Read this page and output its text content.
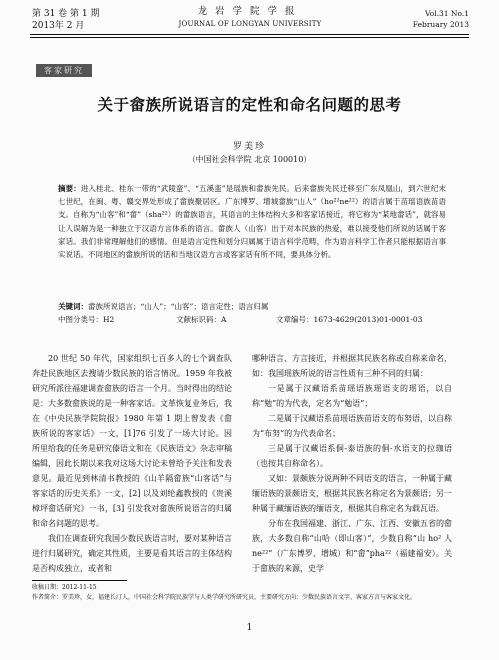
第 31 卷 第 1 期
2013年 2 月
龙岩学院学报
JOURNAL OF LONGYAN UNIVERSITY
Vol.31 No.1
February 2013
客家研究
关于畲族所说语言的定性和命名问题的思考
罗美珍
（中国社会科学院 北京 100010）
摘要：进入桂北、桂东一带的“武陵蛮”、“五溪蛮”是瑶族和畲族先民。后来畲族先民迁移至广东凤凰山，到六世纪末七世纪，在闽、粤、赣交界处形成了畲族聚居区。广东博罗、增城畲族“山人”（ho²²ne²²）的语言属于苗瑶语族苗语支。自称为“山客”和“畲”（sha²²）的畲族语言，其语言的主体结构大多和客家话接近，将它称为“某地畲话”，就容易让人误解为是一种独立于汉语方言体系的语言。畲族人（山客）出于对本民族的热爱，难以接受他们所说的话属于客家话。我们非常理解他们的感情。但是语言定性和划分归属属于语言科学范畴，作为语言科学工作者只能根据语言事实说话。不同地区的畲族所说的话和当地汉语方言或客家话有所不同，要具体分析。
关键词：畲族所说语言；“山人”；“山客”；语言定性；语言归属
中图分类号：H2	文献标识码：A	文章编号：1673-4629(2013)01-0001-03

20 世纪 50 年代，国家组织七百多人的七个调查队奔赴民族地区去搜请少数民族的语言情况。1959 年我被研究所派往福建调查畲族的语言一个月。当时得出的结论是：大多数畲族说的是一种客家话。文革恢复业务后，我在《中央民族学院院报》1980 年第 1 期上曾发表《畲族所说的客家话》一文，[1]76 引发了一场大讨论。因所里给我的任务是研究傣语文和在《民族语文》杂志审稿编辑，因此长期以来我对这场大讨论未曾给予关注和发表意见。最近见到林清书教授的《山羊隔畲族“山客话”与客家话的历史关系》一文，[2] 以及刘纶鑫教授的《贵溪樟坪畲话研究》一书，[3] 引发我对畲族所说语言的归属和命名问题的思考。

我们在调查研究我国少数民族语言时，要对某种语言进行归属研究，确定其性质，主要是看其语言的主体结构是否构成独立，或者和

哪种语言、方言接近，并根据其民族名称或自称来命名，如：我国瑶族所说的语言性质有三种不同的归属：

一是属于汉藏语系苗瑶语族瑶语支的瑶语，以自称“勉”的为代表，定名为“勉语”；

二是属于汉藏语系苗瑶语族苗语支的布努语，以自称为“布努”的为代表命名；

三是属于汉藏语系侗-泰语族的侗-水语支的拉珈语（也按其自称命名）。

又如：景颇族分说两种不同语支的语言，一种属于藏缅语族的景颇语支，根据其民族名称定名为景颇语；另一种属于藏缅语族的缅语支，根据其自称定名为载瓦语。

分布在我国福建、浙江、广东、江西、安徽五省的畲族，大多数自称“山哈（即山客）”，少数自称“山 ho² 人 ne²²”（广东博罗、增城）和“畲”pha²²（福建福安）。关于畲族的来源，史学

收稿日期：2012-11-15
作者简介：罗美珍，女，福建长汀人，中国社会科学院民族学与人类学研究所研究员，主要研究方向：少数民族语言文字、客家方言与客家文化。
1
